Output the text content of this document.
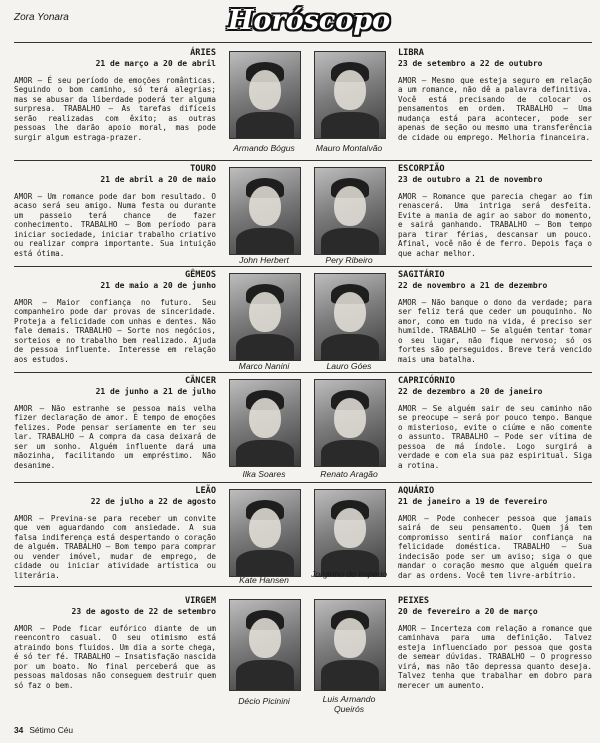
Zora Yonara	Horóscopo
ÁRIES
21 de março a 20 de abril
AMOR — É seu período de emoções românticas. Seguindo o bom caminho, só terá alegrias; mas se abusar da liberdade poderá ter alguma surpresa. TRABALHO — As tarefas difíceis serão realizadas com êxito; as outras pessoas lhe darão apoio moral, mas pode surgir algum estraga-prazer.
Armando Bógus	Mauro Montalvão
LIBRA
23 de setembro a 22 de outubro
AMOR — Mesmo que esteja seguro em relação a um romance, não dê a palavra definitiva. Você está precisando de colocar os pensamentos em ordem. TRABALHO — Uma mudança está para acontecer, pode ser apenas de seção ou mesmo uma transferência de cidade ou emprego. Melhoria financeira.
TOURO
21 de abril a 20 de maio
AMOR — Um romance pode dar bom resultado. O acaso será seu amigo. Numa festa ou durante um passeio terá chance de fazer conhecimento. TRABALHO — Bom período para iniciar sociedade, iniciar trabalho criativo ou realizar compra importante. Sua intuição está ótima.
John Herbert	Pery Ribeiro
ESCORPIÃO
23 de outubro a 21 de novembro
AMOR — Romance que parecia chegar ao fim renascerá. Uma intriga será desfeita. Evite a mania de agir ao sabor do momento, e sairá ganhando. TRABALHO — Bom tempo para tirar férias, descansar um pouco. Afinal, você não é de ferro. Depois faça o que achar melhor.
GÊMEOS
21 de maio a 20 de junho
AMOR — Maior confiança no futuro. Seu companheiro pode dar provas de sinceridade. Proteja a felicidade com unhas e dentes. Não fale demais. TRABALHO — Sorte nos negócios, sorteios e no trabalho bem realizado. Ajuda de pessoa influente. Interesse em relação aos estudos.
Marco Nanini	Lauro Góes
SAGITÁRIO
22 de novembro a 21 de dezembro
AMOR — Não banque o dono da verdade; para ser feliz terá que ceder um pouquinho. No amor, como em tudo na vida, é preciso ser humilde. TRABALHO — Se alguém tentar tomar o seu lugar, não fique nervoso; só os fortes são perseguidos. Breve terá vencido mais uma batalha.
CÂNCER
21 de junho a 21 de julho
AMOR — Não estranhe se pessoa mais velha fizer declaração de amor. É tempo de emoções felizes. Pode pensar seriamente em ter seu lar. TRABALHO — A compra da casa deixará de ser um sonho. Alguém influente dará uma mãozinha, facilitando um empréstimo. Não desanime.
Ilka Soares	Renato Aragão
CAPRICÓRNIO
22 de dezembro a 20 de janeiro
AMOR — Se alguém sair de seu caminho não se preocupe — será por pouco tempo. Banque o misterioso, evite o ciúme e não comente o assunto. TRABALHO — Pode ser vítima de pessoa de má índole. Logo surgirá a verdade e com ela sua paz espiritual. Siga a rotina.
LEÃO
22 de julho a 22 de agosto
AMOR — Previna-se para receber um convite que vem aguardando com ansiedade. A sua falsa indiferença está despertando o coração de alguém. TRABALHO — Bom tempo para comprar ou vender imóvel, mudar de emprego, de cidade ou iniciar atividade artística ou literária.	Kate Hansen
Jorginho do Império
AQUÁRIO
21 de janeiro a 19 de fevereiro
AMOR — Pode conhecer pessoa que jamais sairá de seu pensamento. Quem já tem compromisso sentirá maior confiança na felicidade doméstica. TRABALHO — Sua indecisão pode ser um aviso; siga o que mandar o coração mesmo que alguém queira dar as ordens. Você tem livre-arbítrio.
VIRGEM
23 de agosto de 22 de setembro
AMOR — Pode ficar eufórico diante de um reencontro casual. O seu otimismo está atraindo bons fluidos. Um dia a sorte chega, é só ter fé. TRABALHO — Insatisfação nascida por um boato. No final perceberá que as pessoas maldosas não conseguem destruir quem só faz o bem.
Décio Picinini	Luis Armando Queirós
PEIXES
20 de fevereiro a 20 de março
AMOR — Incerteza com relação a romance que caminhava para uma definição. Talvez esteja influenciado por pessoa que gosta de semear dúvidas. TRABALHO — O progresso virá, mas não tão depressa quanto deseja. Talvez tenha que trabalhar em dobro para merecer um aumento.
34 Sétimo Céu
